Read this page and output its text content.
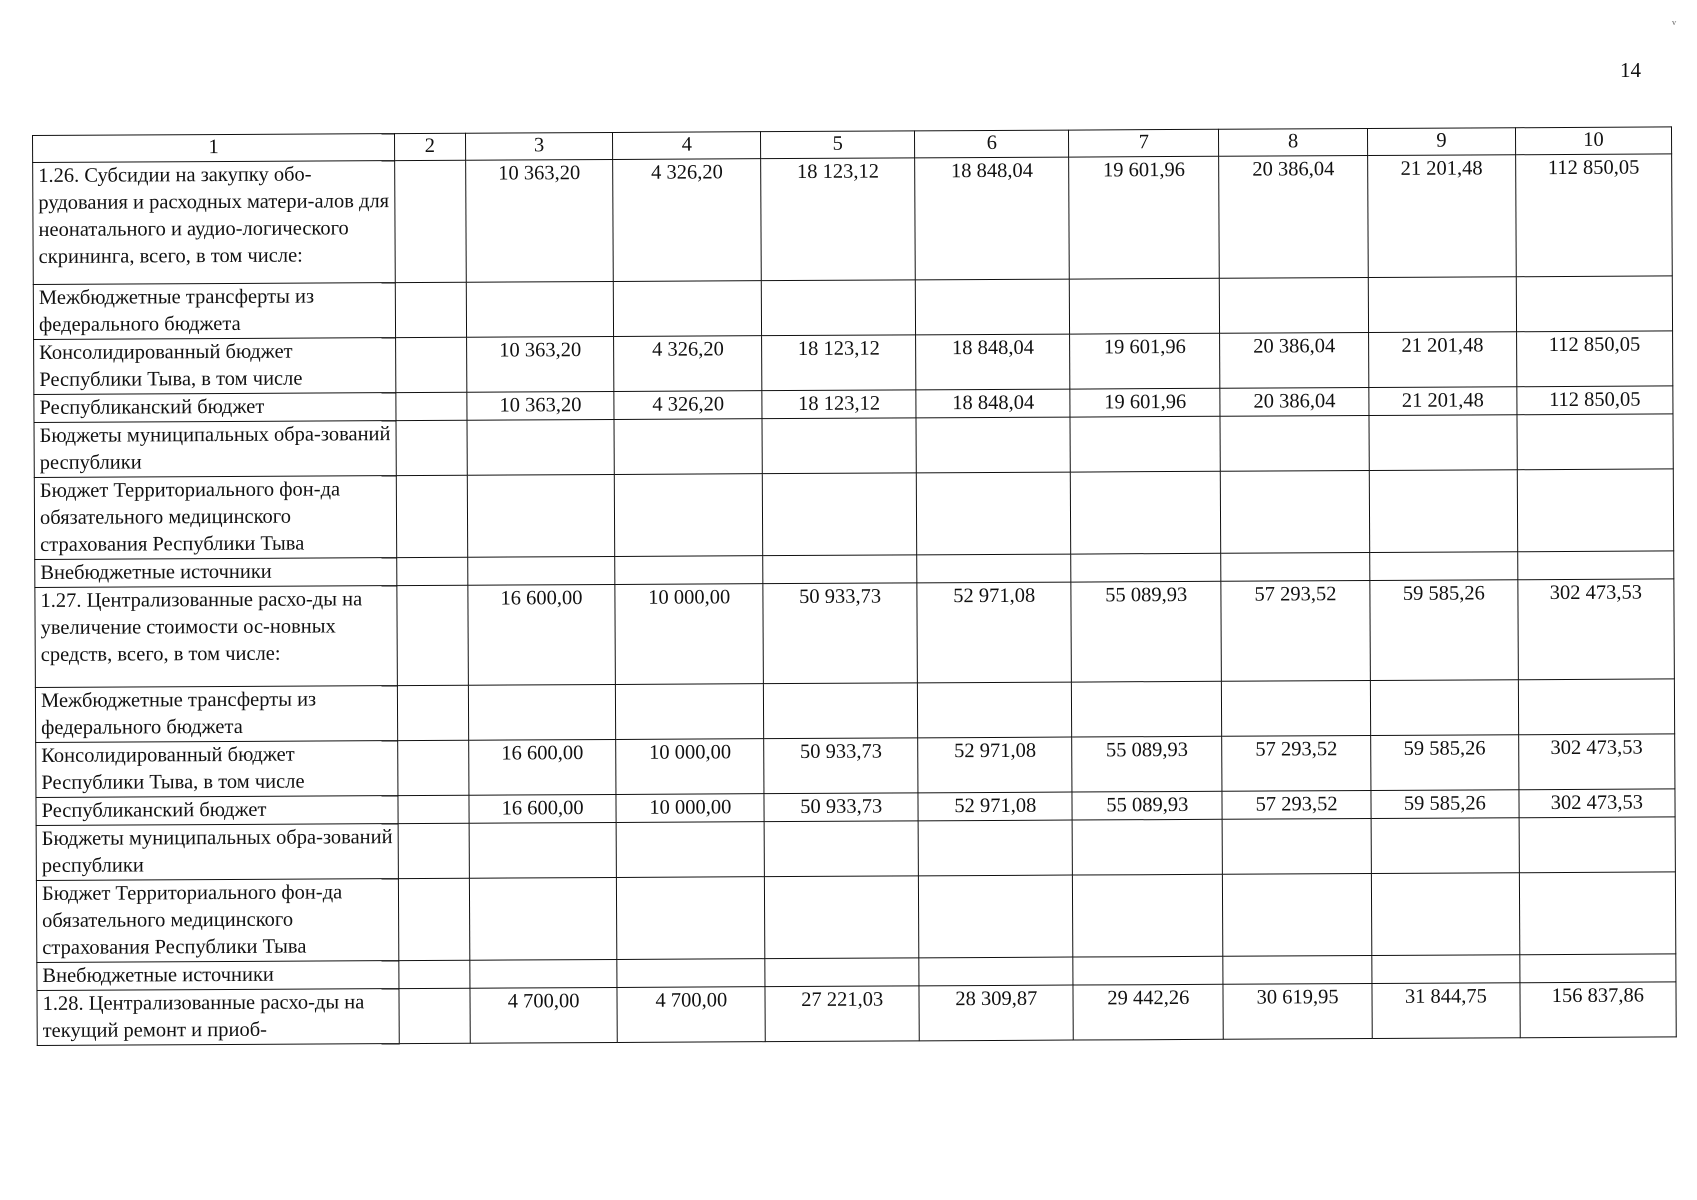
14
ᵛ
1	2	3	4	5	6	7	8	9	10
1.26. Субсидии на закупку обо-рудования и расходных матери-алов для неонатального и аудио-логического скрининга, всего, в том числе:		10 363,20	4 326,20	18 123,12	18 848,04	19 601,96	20 386,04	21 201,48	112 850,05
Межбюджетные трансферты из федерального бюджета									
Консолидированный бюджет Республики Тыва, в том числе		10 363,20	4 326,20	18 123,12	18 848,04	19 601,96	20 386,04	21 201,48	112 850,05
Республиканский бюджет		10 363,20	4 326,20	18 123,12	18 848,04	19 601,96	20 386,04	21 201,48	112 850,05
Бюджеты муниципальных обра-зований республики									
Бюджет Территориального фон-да обязательного медицинского страхования Республики Тыва									
Внебюджетные источники									
1.27. Централизованные расхо-ды на увеличение стоимости ос-новных средств, всего, в том числе:		16 600,00	10 000,00	50 933,73	52 971,08	55 089,93	57 293,52	59 585,26	302 473,53
Межбюджетные трансферты из федерального бюджета									
Консолидированный бюджет Республики Тыва, в том числе		16 600,00	10 000,00	50 933,73	52 971,08	55 089,93	57 293,52	59 585,26	302 473,53
Республиканский бюджет		16 600,00	10 000,00	50 933,73	52 971,08	55 089,93	57 293,52	59 585,26	302 473,53
Бюджеты муниципальных обра-зований республики									
Бюджет Территориального фон-да обязательного медицинского страхования Республики Тыва									
Внебюджетные источники									
1.28. Централизованные расхо-ды на текущий ремонт и приоб-		4 700,00	4 700,00	27 221,03	28 309,87	29 442,26	30 619,95	31 844,75	156 837,86
